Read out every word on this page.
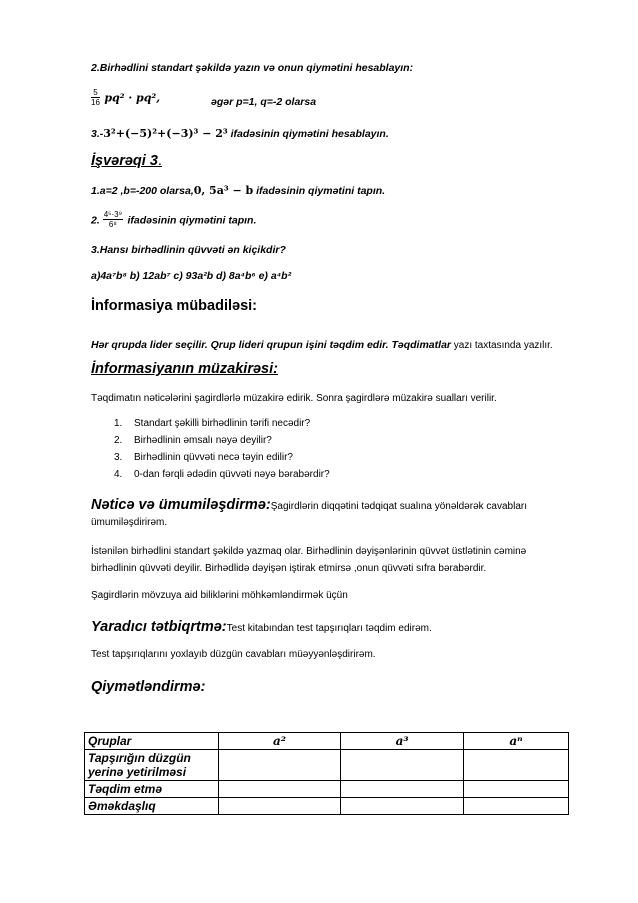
2.Birhədlini standart şəkildə yazın və onun qiymətini hesablayın:
$\frac{5}{16} pq^2 \cdot pq^2$,	əgər p=1, q=-2 olarsa
3.-3²+(−5)²+(−3)³ − 2³ ifadəsinin qiymətini hesablayın.
İşvərəqi 3.
1.a=2 ,b=-200 olarsa,0, 5a³ − b ifadəsinin qiymətini tapın.
2. $\frac{\text{4⁵·3⁹}}{\text{6⁸}}$ ifadəsinin qiymətini tapın.
3.Hansı birhədlinin qüvvəti ən kiçikdir?
a)4a⁷b⁸ b) 12ab⁷ c) 93a²b d) 8a⁴b⁶ e) a⁴b²
İnformasiya mübadiləsi:
Hər qrupda lider seçilir. Qrup lideri qrupun işini təqdim edir. Təqdimatlar yazı taxtasında yazılır.
İnformasiyanın müzakirəsi:
Təqdimatın nəticələrini şagirdlərlə müzakirə edirik. Sonra şagirdlərə müzakirə sualları verilir.
1. Standart şəkilli birhədlinin tərifi necədir?
2. Birhədlinin əmsalı nəyə deyilir?
3. Birhədlinin qüvvəti necə təyin edilir?
4. 0-dan fərqli ədədin qüvvəti nəyə bərabərdir?
Nəticə və ümumiləşdirmə:Şagirdlərin diqqətini tədqiqat sualına yönəldərək cavabları
ümumiləşdirirəm.
İstənilən birhədlini standart şəkildə yazmaq olar. Birhədlinin dəyişənlərinin qüvvət üstlətinin cəminə
birhədlinin qüvvəti deyilir. Birhədlidə dəyişən iştirak etmirsə ,onun qüvvəti sıfra bərabərdir.
Şagirdlərin mövzuya aid biliklərini möhkəmləndirmək üçün
Yaradıcı tətbiqrtmə:Test kitabından test tapşırıqları təqdim edirəm.
Test tapşırıqlarını yoxlayıb düzgün cavabları müəyyənləşdirirəm.
Qiymətləndirmə:
Qruplar	a²	a³	aⁿ
Tapşırığın düzgün yerinə yetirilməsi			
Təqdim etmə			
Əməkdaşlıq			
